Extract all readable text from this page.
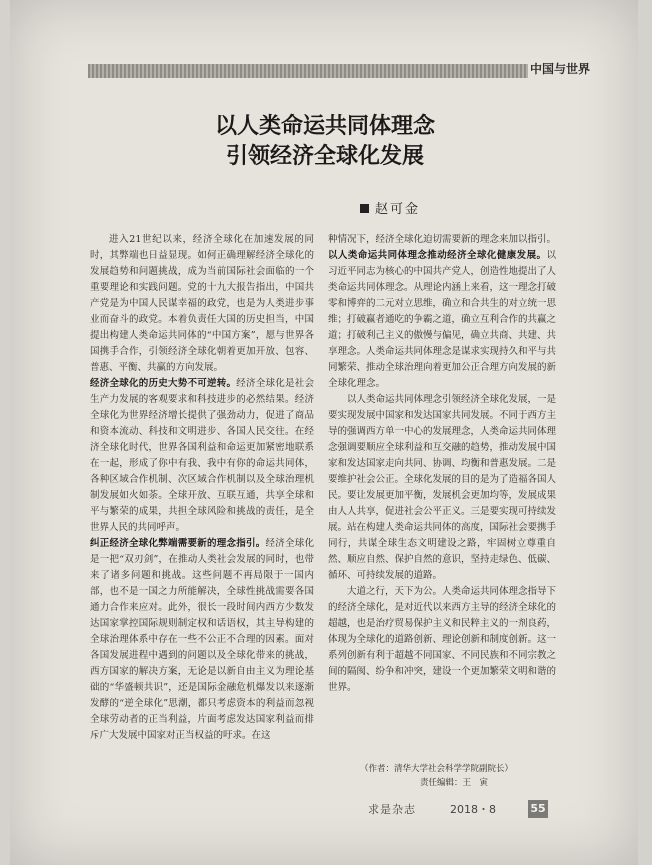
中国与世界
以人类命运共同体理念
引领经济全球化发展
赵可金

进入21世纪以来，经济全球化在加速发展的同时，其弊端也日益显现。如何正确理解经济全球化的发展趋势和问题挑战，成为当前国际社会面临的一个重要理论和实践问题。党的十九大报告指出，中国共产党是为中国人民谋幸福的政党，也是为人类进步事业而奋斗的政党。本着负责任大国的历史担当，中国提出构建人类命运共同体的“中国方案”，愿与世界各国携手合作，引领经济全球化朝着更加开放、包容、普惠、平衡、共赢的方向发展。

经济全球化的历史大势不可逆转。经济全球化是社会生产力发展的客观要求和科技进步的必然结果。经济全球化为世界经济增长提供了强劲动力，促进了商品和资本流动、科技和文明进步、各国人民交往。在经济全球化时代，世界各国利益和命运更加紧密地联系在一起，形成了你中有我、我中有你的命运共同体，各种区域合作机制、次区域合作机制以及全球治理机制发展如火如荼。全球开放、互联互通，共享全球和平与繁荣的成果，共担全球风险和挑战的责任，是全世界人民的共同呼声。

纠正经济全球化弊端需要新的理念指引。经济全球化是一把“双刃剑”，在推动人类社会发展的同时，也带来了诸多问题和挑战。这些问题不再局限于一国内部，也不是一国之力所能解决，全球性挑战需要各国通力合作来应对。此外，很长一段时间内西方少数发达国家掌控国际规则制定权和话语权，其主导构建的全球治理体系中存在一些不公正不合理的因素。面对各国发展进程中遇到的问题以及全球化带来的挑战，西方国家的解决方案，无论是以新自由主义为理论基础的“华盛顿共识”，还是国际金融危机爆发以来逐渐发酵的“逆全球化”思潮，都只考虑资本的利益而忽视全球劳动者的正当利益，片面考虑发达国家利益而排斥广大发展中国家对正当权益的吁求。在这

种情况下，经济全球化迫切需要新的理念来加以指引。

以人类命运共同体理念推动经济全球化健康发展。以习近平同志为核心的中国共产党人，创造性地提出了人类命运共同体理念。从理论内涵上来看，这一理念打破零和博弈的二元对立思维，确立和合共生的对立统一思维；打破赢者通吃的争霸之道，确立互利合作的共赢之道；打破利己主义的傲慢与偏见，确立共商、共建、共享理念。人类命运共同体理念是谋求实现持久和平与共同繁荣、推动全球治理向着更加公正合理方向发展的新全球化理念。

以人类命运共同体理念引领经济全球化发展，一是要实现发展中国家和发达国家共同发展。不同于西方主导的强调西方单一中心的发展理念，人类命运共同体理念强调要顺应全球利益和互交融的趋势，推动发展中国家和发达国家走向共同、协调、均衡和普惠发展。二是要维护社会公正。全球化发展的目的是为了造福各国人民。要让发展更加平衡，发展机会更加均等，发展成果由人人共享，促进社会公平正义。三是要实现可持续发展。站在构建人类命运共同体的高度，国际社会要携手同行，共谋全球生态文明建设之路，牢固树立尊重自然、顺应自然、保护自然的意识，坚持走绿色、低碳、循环、可持续发展的道路。

大道之行，天下为公。人类命运共同体理念指导下的经济全球化，是对近代以来西方主导的经济全球化的超越，也是治疗贸易保护主义和民粹主义的一剂良药，体现为全球化的道路创新、理论创新和制度创新。这一系列创新有利于超越不同国家、不同民族和不同宗教之间的隔阂、纷争和冲突，建设一个更加繁荣文明和谐的世界。

（作者：清华大学社会科学学院副院长）
责任编辑：王　寅
求是杂志	2018・8	55
